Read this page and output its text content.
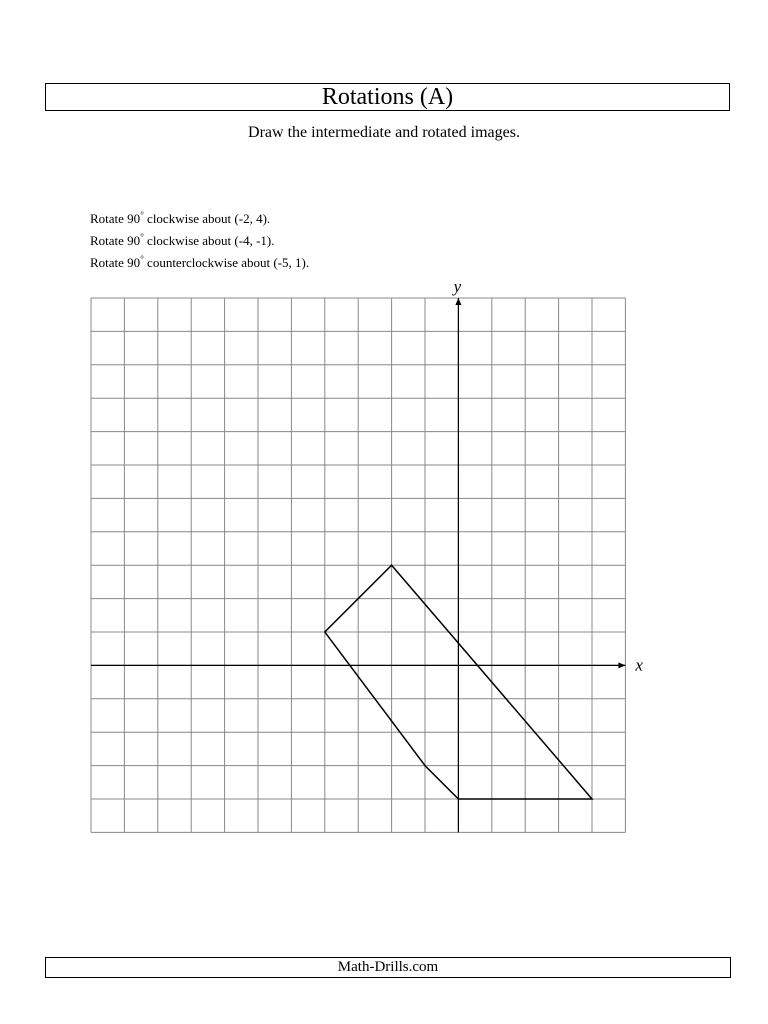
Rotations (A)
Draw the intermediate and rotated images.
Rotate 90° clockwise about (-2, 4).
Rotate 90° clockwise about (-4, -1).
Rotate 90° counterclockwise about (-5, 1).
x
y
Math-Drills.com
